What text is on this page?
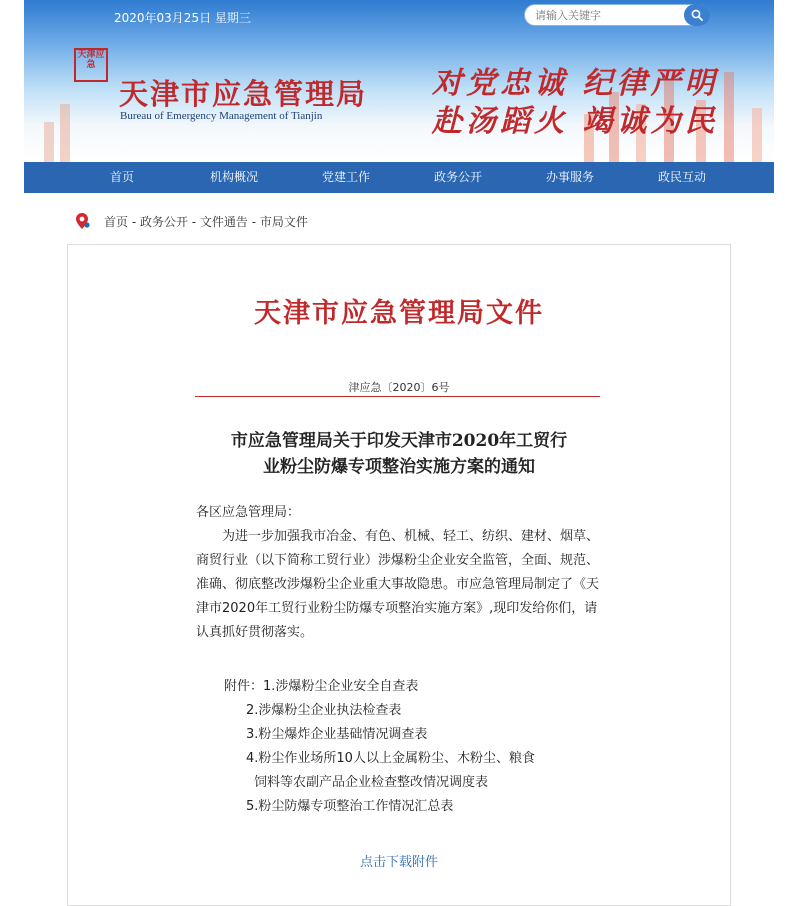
2020年03月25日 星期三
请输入关键字
天津应急
天津市应急管理局
Bureau of Emergency Management of Tianjin
对党忠诚 纪律严明
赴汤蹈火 竭诚为民
首页	机构概况	党建工作	政务公开	办事服务	政民互动
首页 - 政务公开 - 文件通告 - 市局文件
天津市应急管理局文件
津应急〔2020〕6号
市应急管理局关于印发天津市2020年工贸行
业粉尘防爆专项整治实施方案的通知

各区应急管理局：

为进一步加强我市冶金、有色、机械、轻工、纺织、建材、烟草、商贸行业（以下简称工贸行业）涉爆粉尘企业安全监管，全面、规范、准确、彻底整改涉爆粉尘企业重大事故隐患。市应急管理局制定了《天津市2020年工贸行业粉尘防爆专项整治实施方案》,现印发给你们，请认真抓好贯彻落实。

附件：1.涉爆粉尘企业安全自查表
2.涉爆粉尘企业执法检查表
3.粉尘爆炸企业基础情况调查表
4.粉尘作业场所10人以上金属粉尘、木粉尘、粮食
饲料等农副产品企业检查整改情况调度表
5.粉尘防爆专项整治工作情况汇总表
点击下载附件
